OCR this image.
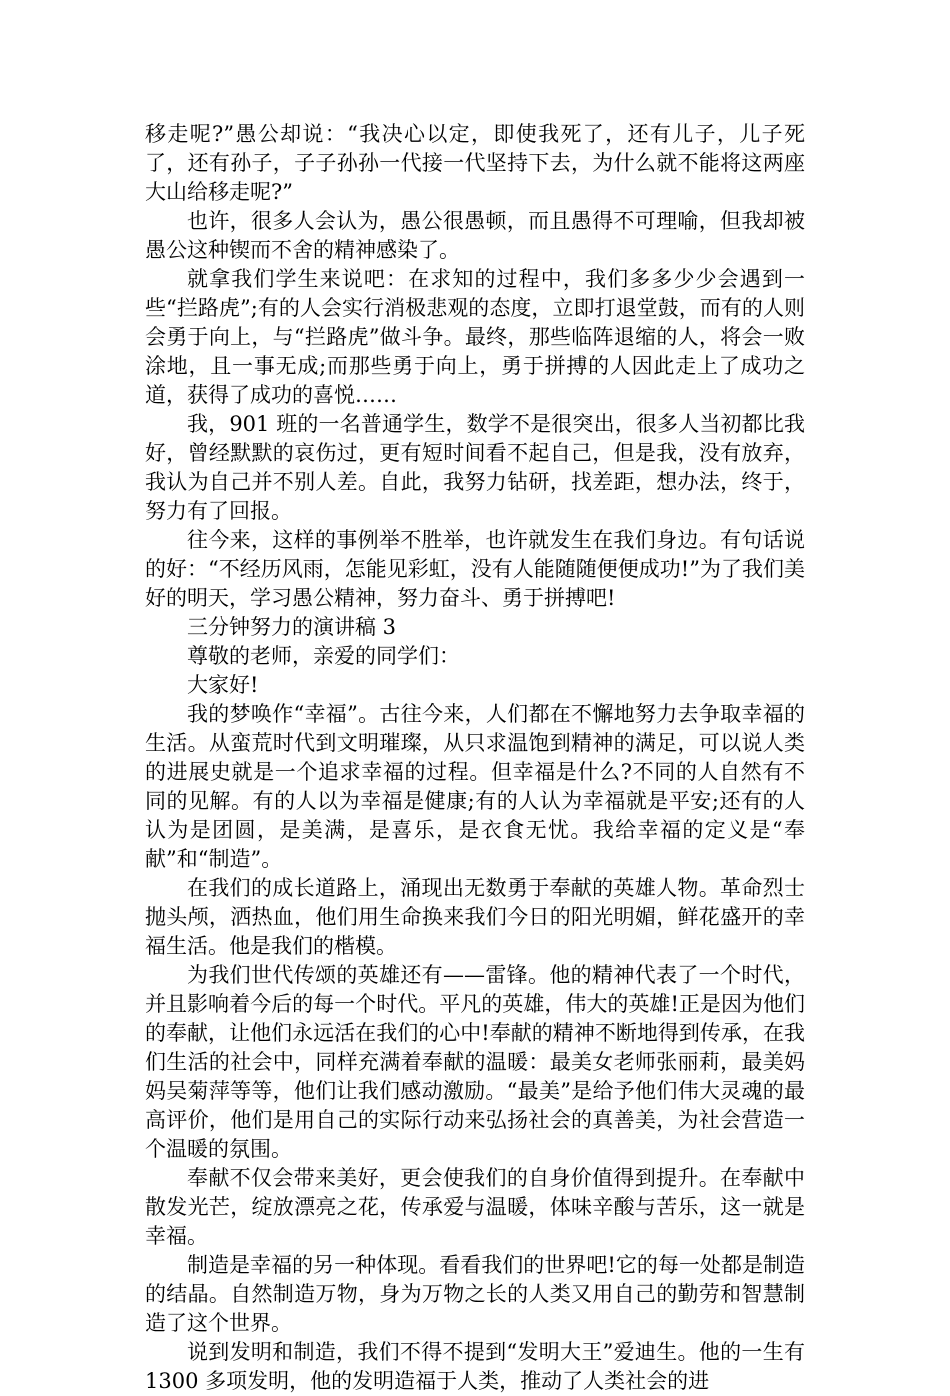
移走呢?”愚公却说：“我决心以定，即使我死了，还有儿子，儿子死了，还有孙子，子子孙孙一代接一代坚持下去，为什么就不能将这两座大山给移走呢?”

也许，很多人会认为，愚公很愚顿，而且愚得不可理喻，但我却被愚公这种锲而不舍的精神感染了。

就拿我们学生来说吧：在求知的过程中，我们多多少少会遇到一些“拦路虎”;有的人会实行消极悲观的态度，立即打退堂鼓，而有的人则会勇于向上，与“拦路虎”做斗争。最终，那些临阵退缩的人，将会一败涂地，且一事无成;而那些勇于向上，勇于拼搏的人因此走上了成功之道，获得了成功的喜悦……

我，901 班的一名普通学生，数学不是很突出，很多人当初都比我好，曾经默默的哀伤过，更有短时间看不起自己，但是我，没有放弃，我认为自己并不别人差。自此，我努力钻研，找差距，想办法，终于，努力有了回报。

往今来，这样的事例举不胜举，也许就发生在我们身边。有句话说的好：“不经历风雨，怎能见彩虹，没有人能随随便便成功!”为了我们美好的明天，学习愚公精神，努力奋斗、勇于拼搏吧!

三分钟努力的演讲稿 3

尊敬的老师，亲爱的同学们：

大家好!

我的梦唤作“幸福”。古往今来，人们都在不懈地努力去争取幸福的生活。从蛮荒时代到文明璀璨，从只求温饱到精神的满足，可以说人类的进展史就是一个追求幸福的过程。但幸福是什么?不同的人自然有不同的见解。有的人以为幸福是健康;有的人认为幸福就是平安;还有的人认为是团圆，是美满，是喜乐，是衣食无忧。我给幸福的定义是“奉献”和“制造”。

在我们的成长道路上，涌现出无数勇于奉献的英雄人物。革命烈士抛头颅，洒热血，他们用生命换来我们今日的阳光明媚，鲜花盛开的幸福生活。他是我们的楷模。

为我们世代传颂的英雄还有——雷锋。他的精神代表了一个时代，并且影响着今后的每一个时代。平凡的英雄，伟大的英雄!正是因为他们的奉献，让他们永远活在我们的心中!奉献的精神不断地得到传承，在我们生活的社会中，同样充满着奉献的温暖：最美女老师张丽莉，最美妈妈吴菊萍等等，他们让我们感动激励。“最美”是给予他们伟大灵魂的最高评价，他们是用自己的实际行动来弘扬社会的真善美，为社会营造一个温暖的氛围。

奉献不仅会带来美好，更会使我们的自身价值得到提升。在奉献中散发光芒，绽放漂亮之花，传承爱与温暖，体味辛酸与苦乐，这一就是幸福。

制造是幸福的另一种体现。看看我们的世界吧!它的每一处都是制造的结晶。自然制造万物，身为万物之长的人类又用自己的勤劳和智慧制造了这个世界。

说到发明和制造，我们不得不提到“发明大王”爱迪生。他的一生有 1300 多项发明，他的发明造福于人类，推动了人类社会的进
